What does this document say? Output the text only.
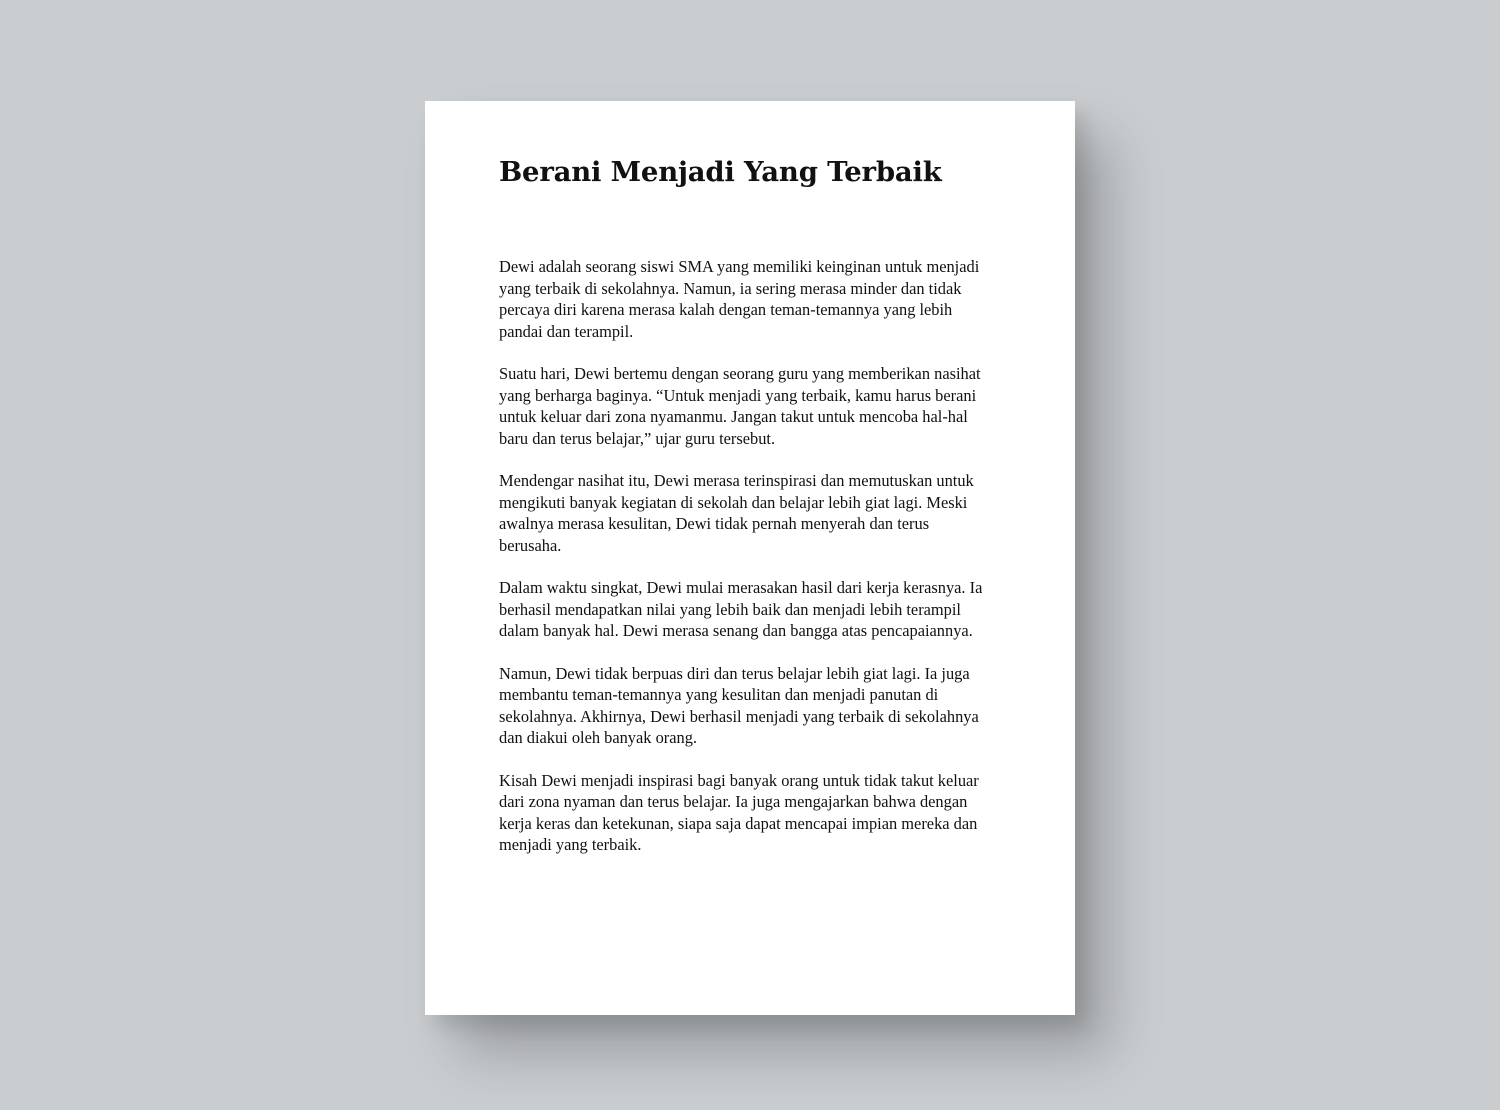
Berani Menjadi Yang Terbaik

Dewi adalah seorang siswi SMA yang memiliki keinginan untuk menjadi
yang terbaik di sekolahnya. Namun, ia sering merasa minder dan tidak
percaya diri karena merasa kalah dengan teman-temannya yang lebih
pandai dan terampil.

Suatu hari, Dewi bertemu dengan seorang guru yang memberikan nasihat
yang berharga baginya. “Untuk menjadi yang terbaik, kamu harus berani
untuk keluar dari zona nyamanmu. Jangan takut untuk mencoba hal-hal
baru dan terus belajar,” ujar guru tersebut.

Mendengar nasihat itu, Dewi merasa terinspirasi dan memutuskan untuk
mengikuti banyak kegiatan di sekolah dan belajar lebih giat lagi. Meski
awalnya merasa kesulitan, Dewi tidak pernah menyerah dan terus
berusaha.

Dalam waktu singkat, Dewi mulai merasakan hasil dari kerja kerasnya. Ia
berhasil mendapatkan nilai yang lebih baik dan menjadi lebih terampil
dalam banyak hal. Dewi merasa senang dan bangga atas pencapaiannya.

Namun, Dewi tidak berpuas diri dan terus belajar lebih giat lagi. Ia juga
membantu teman-temannya yang kesulitan dan menjadi panutan di
sekolahnya. Akhirnya, Dewi berhasil menjadi yang terbaik di sekolahnya
dan diakui oleh banyak orang.

Kisah Dewi menjadi inspirasi bagi banyak orang untuk tidak takut keluar
dari zona nyaman dan terus belajar. Ia juga mengajarkan bahwa dengan
kerja keras dan ketekunan, siapa saja dapat mencapai impian mereka dan
menjadi yang terbaik.
